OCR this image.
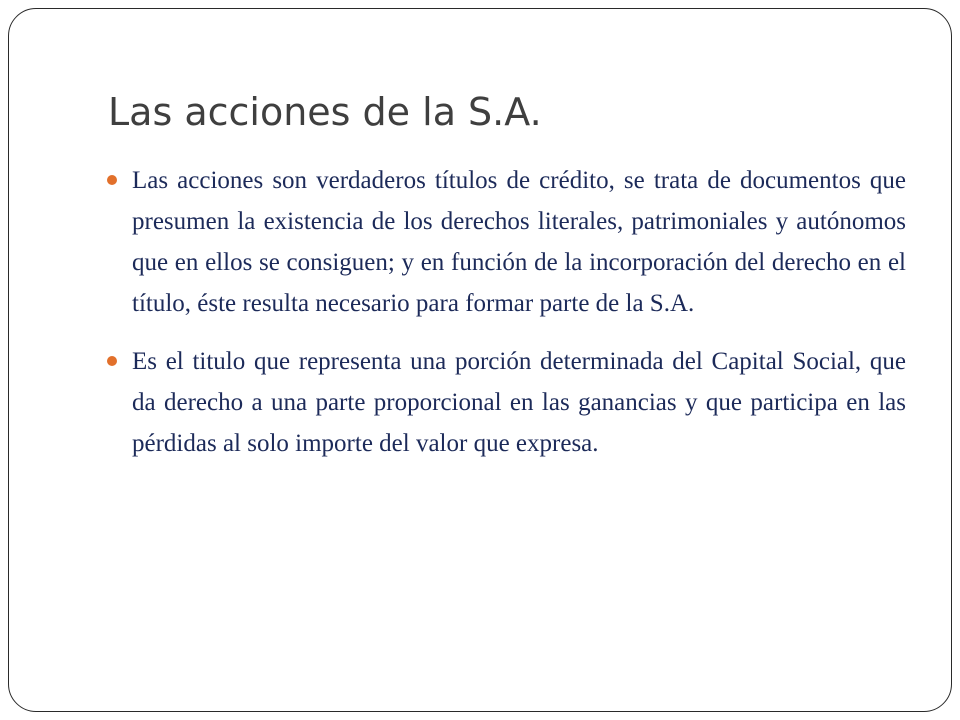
Las acciones de la S.A.
Las acciones son verdaderos títulos de crédito, se trata de documentos que presumen la existencia de los derechos literales, patrimoniales y autónomos que en ellos se consiguen; y en función de la incorporación del derecho en el título, éste resulta necesario para formar parte de la S.A.
Es el titulo que representa una porción determinada del Capital Social, que da derecho a una parte proporcional en las ganancias y que participa en las pérdidas al solo importe del valor que expresa.
